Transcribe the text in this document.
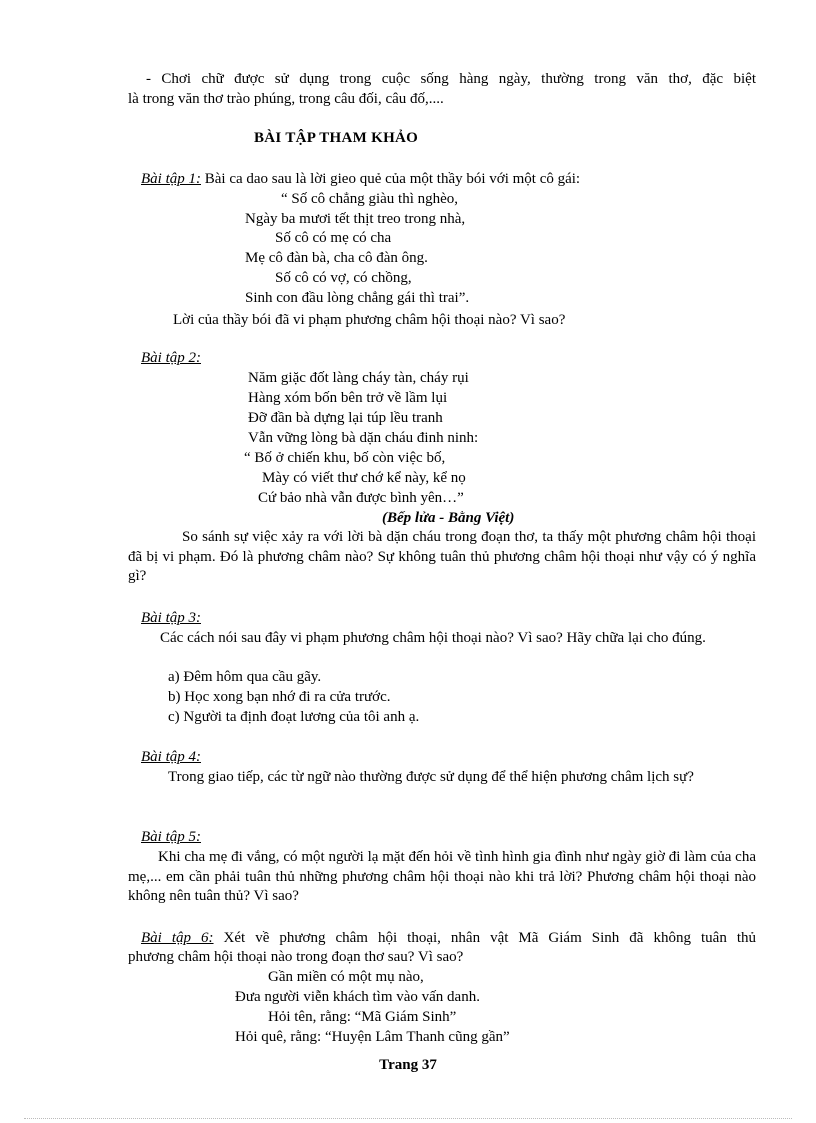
- Chơi chữ được sử dụng trong cuộc sống hàng ngày, thường trong văn thơ, đặc biệt
là trong văn thơ trào phúng, trong câu đối, câu đố,....
BÀI TẬP THAM KHẢO
Bài tập 1: Bài ca dao sau là lời gieo quẻ của một thầy bói với một cô gái:
“ Số cô chẳng giàu thì nghèo,
Ngày ba mươi tết thịt treo trong nhà,
Số cô có mẹ có cha
Mẹ cô đàn bà, cha cô đàn ông.
Số cô có vợ, có chồng,
Sinh con đầu lòng chẳng gái thì trai”.
Lời của thầy bói đã vi phạm phương châm hội thoại nào? Vì sao?
Bài tập 2:
Năm giặc đốt làng cháy tàn, cháy rụi
Hàng xóm bốn bên trở về lầm lụi
Đỡ đần bà dựng lại túp lều tranh
Vẫn vững lòng bà dặn cháu đinh ninh:
“ Bố ở chiến khu, bố còn việc bố,
Mày có viết thư chớ kể này, kể nọ
Cứ bảo nhà vẫn được bình yên…”
(Bếp lửa - Bằng Việt)
So sánh sự việc xảy ra với lời bà dặn cháu trong đoạn thơ, ta thấy một phương châm hội thoại đã bị vi phạm. Đó là phương châm nào? Sự không tuân thủ phương châm hội thoại như vậy có ý nghĩa gì?
Bài tập 3:
Các cách nói sau đây vi phạm phương châm hội thoại nào? Vì sao? Hãy chữa lại cho đúng.
a) Đêm hôm qua cầu gãy.
b) Học xong bạn nhớ đi ra cửa trước.
c) Người ta định đoạt lương của tôi anh ạ.
Bài tập 4:
Trong giao tiếp, các từ ngữ nào thường được sử dụng để thể hiện phương châm lịch sự?
Bài tập 5:
Khi cha mẹ đi vắng, có một người lạ mặt đến hỏi về tình hình gia đình như ngày giờ đi làm của cha mẹ,... em cần phải tuân thủ những phương châm hội thoại nào khi trả lời? Phương châm hội thoại nào không nên tuân thủ? Vì sao?
Bài tập 6: Xét về phương châm hội thoại, nhân vật Mã Giám Sinh đã không tuân thủ
phương châm hội thoại nào trong đoạn thơ sau? Vì sao?
Gần miền có một mụ nào,
Đưa người viễn khách tìm vào vấn danh.
Hỏi tên, rằng: “Mã Giám Sinh”
Hỏi quê, rằng: “Huyện Lâm Thanh cũng gần”
Trang 37
